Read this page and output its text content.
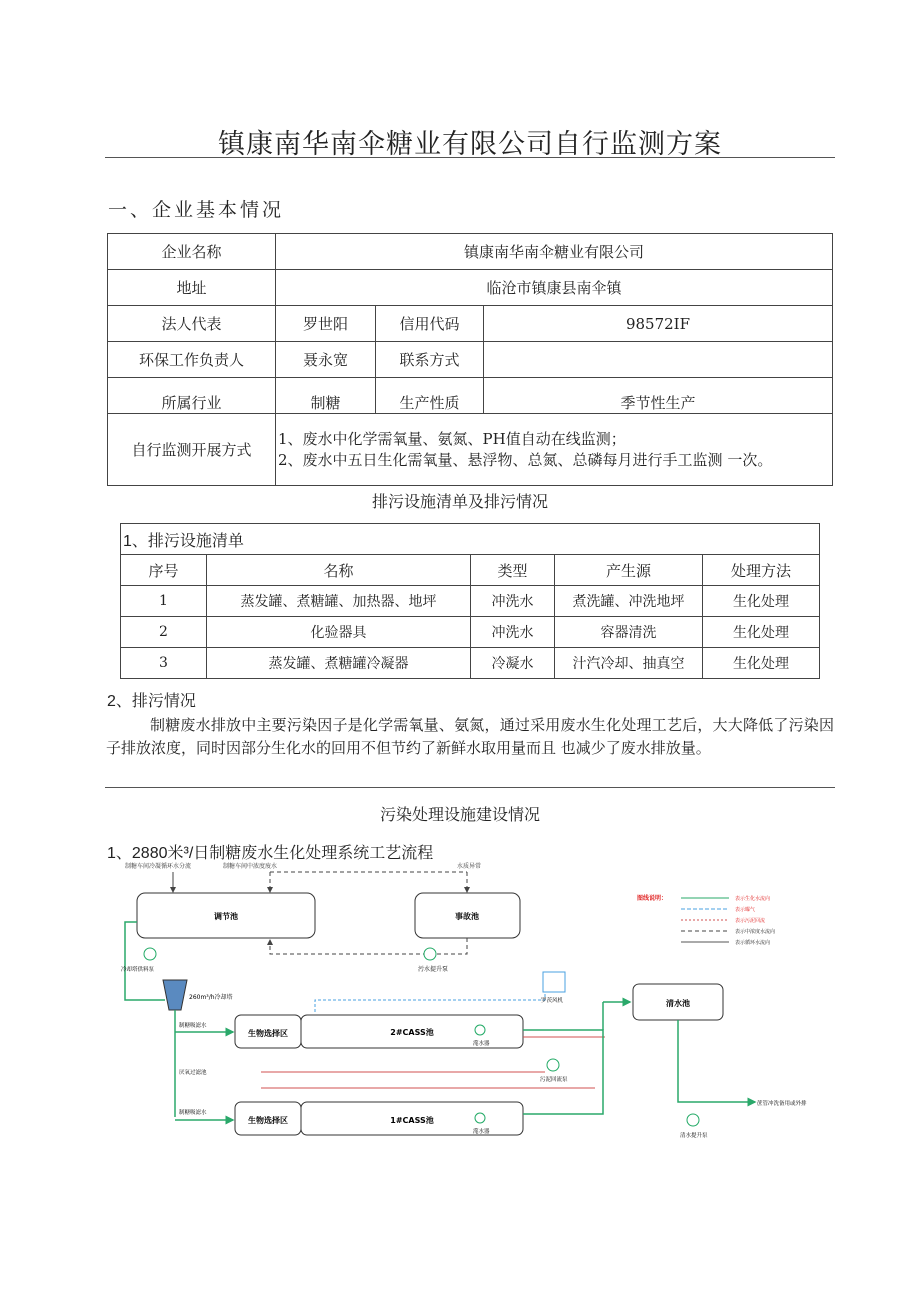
镇康南华南伞糖业有限公司自行监测方案
一、企业基本情况
企业名称	镇康南华南伞糖业有限公司		
地址	临沧市镇康县南伞镇		
法人代表	罗世阳	信用代码	98572IF
环保工作负责人	聂永宽	联系方式	
所属行业	制糖	生产性质	季节性生产
自行监测开展方式	1、废水中化学需氧量、氨氮、PH值自动在线监测；
2、废水中五日生化需氧量、悬浮物、总氮、总磷每月进行手工监测 一次。		
排污设施清单及排污情况
1、排污设施清单				
序号	名称	类型	产生源	处理方法
1	蒸发罐、煮糖罐、加热器、地坪	冲洗水	煮洗罐、冲洗地坪	生化处理
2	化验器具	冲洗水	容器清洗	生化处理
3	蒸发罐、煮糖罐冷凝器	冷凝水	汁汽冷却、抽真空	生化处理
2、排污情况
制糖废水排放中主要污染因子是化学需氧量、氨氮，通过采用废水生化处理工艺后，大大降低了污染因子排放浓度，同时因部分生化水的回用不但节约了新鲜水取用量而且 也减少了废水排放量。
污染处理设施建设情况
1、2880米³/日制糖废水生化处理系统工艺流程
制糖车间冷凝循环水分流	制糖车间中浓度废水	水质异常
调节池	事故池
污水提升泵
冷却塔供料泵
260m³/h冷却塔
制糖吸滤水
厌氧过滤池
制糖吸滤水
生物选择区	2#CASS池
滗水器
罗茨风机
污泥回流泵
生物选择区	1#CASS池
滗水器
清水池
清水提升泵
蔗管冲洗备用或外排
图线说明：	表示生化水流向
表示曝气
表示污泥回流
表示中浓度水流向
表示循环水流向
